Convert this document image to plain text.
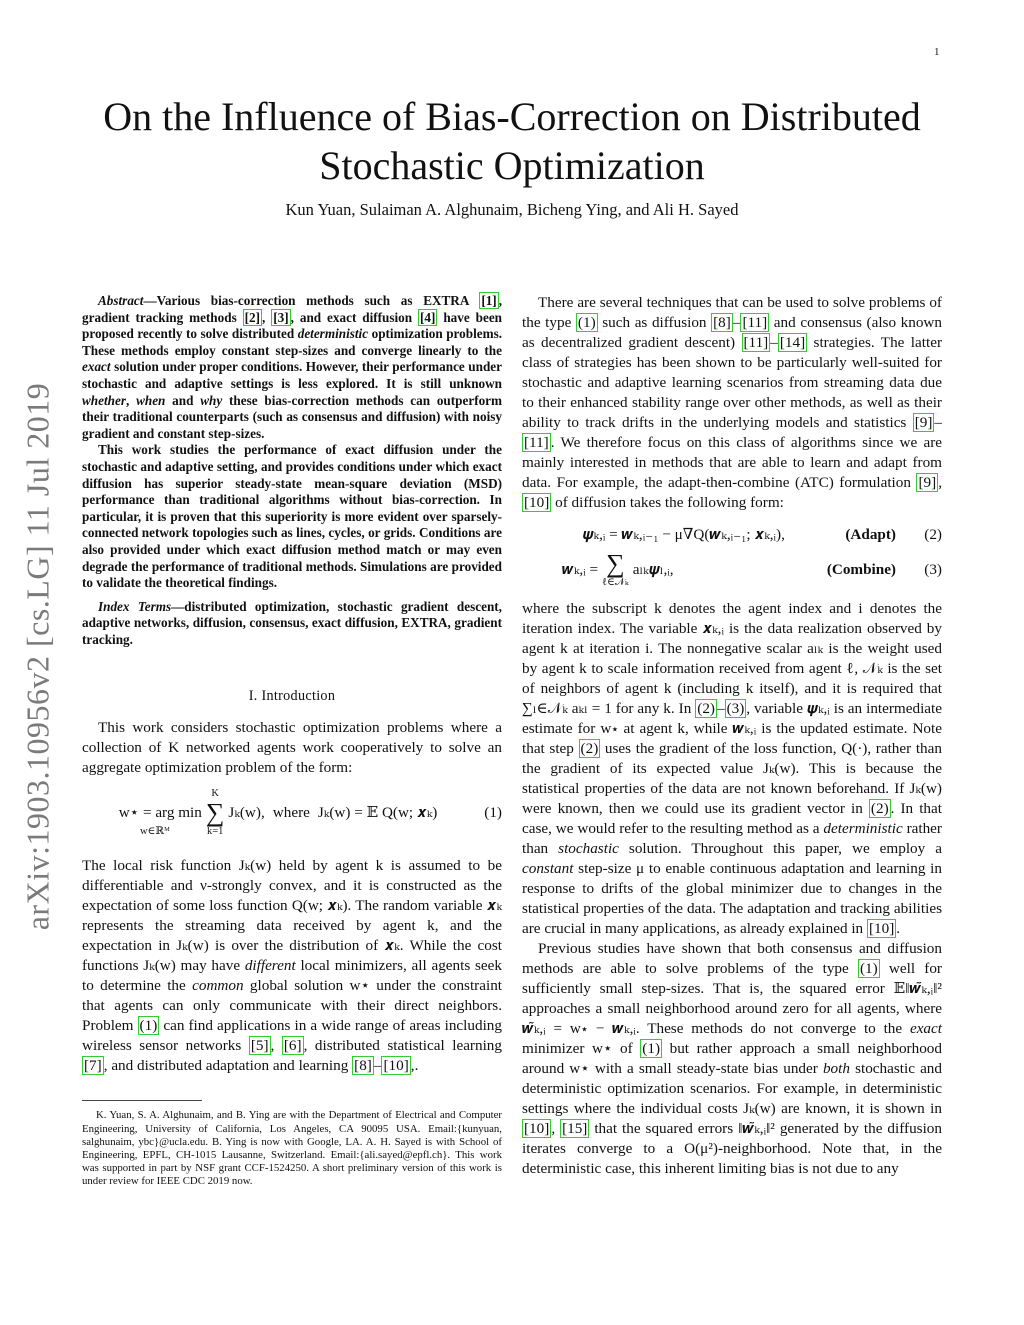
1
arXiv:1903.10956v2 [cs.LG] 11 Jul 2019
On the Influence of Bias-Correction on Distributed Stochastic Optimization
Kun Yuan, Sulaiman A. Alghunaim, Bicheng Ying, and Ali H. Sayed

Abstract—Various bias-correction methods such as EXTRA [1] , gradient tracking methods [2] , [3] , and exact diffusion [4] have been proposed recently to solve distributed deterministic optimization problems. These methods employ constant step-sizes and converge linearly to the exact solution under proper conditions. However, their performance under stochastic and adaptive settings is less explored. It is still unknown whether, when and why these bias-correction methods can outperform their traditional counterparts (such as consensus and diffusion) with noisy gradient and constant step-sizes.

This work studies the performance of exact diffusion under the stochastic and adaptive setting, and provides conditions under which exact diffusion has superior steady-state mean-square deviation (MSD) performance than traditional algorithms without bias-correction. In particular, it is proven that this superiority is more evident over sparsely-connected network topologies such as lines, cycles, or grids. Conditions are also provided under which exact diffusion method match or may even degrade the performance of traditional methods. Simulations are provided to validate the theoretical findings.

Index Terms—distributed optimization, stochastic gradient descent, adaptive networks, diffusion, consensus, exact diffusion, EXTRA, gradient tracking.

I. Introduction

This work considers stochastic optimization problems where a collection of K networked agents work cooperatively to solve an aggregate optimization problem of the form:

w⋆ = arg min
K
∑
k=1
Jₖ(w), where Jₖ(w) = 𝔼 Q(w; 𝒙ₖ)	(1)
w∈ℝᴹ

The local risk function Jₖ(w) held by agent k is assumed to be differentiable and ν-strongly convex, and it is constructed as the expectation of some loss function Q(w; 𝒙ₖ). The random variable 𝒙ₖ represents the streaming data received by agent k, and the expectation in Jₖ(w) is over the distribution of 𝒙ₖ. While the cost functions Jₖ(w) may have different local minimizers, all agents seek to determine the common global solution w⋆ under the constraint that agents can only communicate with their direct neighbors. Problem (1) can find applications in a wide range of areas including wireless sensor networks [5] , [6] , distributed statistical learning [7] , and distributed adaptation and learning [8] – [10] ,.

K. Yuan, S. A. Alghunaim, and B. Ying are with the Department of Electrical and Computer Engineering, University of California, Los Angeles, CA 90095 USA. Email:{kunyuan, salghunaim, ybc}@ucla.edu. B. Ying is now with Google, LA. A. H. Sayed is with School of Engineering, EPFL, CH-1015 Lausanne, Switzerland. Email:{ali.sayed@epfl.ch}. This work was supported in part by NSF grant CCF-1524250. A short preliminary version of this work is under review for IEEE CDC 2019 now.

There are several techniques that can be used to solve problems of the type (1) such as diffusion [8] – [11] and consensus (also known as decentralized gradient descent) [11] – [14] strategies. The latter class of strategies has been shown to be particularly well-suited for stochastic and adaptive learning scenarios from streaming data due to their enhanced stability range over other methods, as well as their ability to track drifts in the underlying models and statistics [9] –[11] . We therefore focus on this class of algorithms since we are mainly interested in methods that are able to learn and adapt from data. For example, the adapt-then-combine (ATC) formulation [9] , [10] of diffusion takes the following form:

𝝍ₖ,ᵢ = 𝒘ₖ,ᵢ₋₁ − μ∇Q(𝒘ₖ,ᵢ₋₁; 𝒙ₖ,ᵢ),	(Adapt)	(2)
𝒘ₖ,ᵢ = ∑
ℓ∈𝒩ₖ
aₗₖ𝝍ₗ,ᵢ,	(Combine)	(3)

where the subscript k denotes the agent index and i denotes the iteration index. The variable 𝒙ₖ,ᵢ is the data realization observed by agent k at iteration i. The nonnegative scalar aₗₖ is the weight used by agent k to scale information received from agent ℓ, 𝒩ₖ is the set of neighbors of agent k (including k itself), and it is required that ∑ₗ∈𝒩ₖ aₖₗ = 1 for any k. In (2) – (3) , variable 𝝍ₖ,ᵢ is an intermediate estimate for w⋆ at agent k, while 𝒘ₖ,ᵢ is the updated estimate. Note that step (2) uses the gradient of the loss function, Q(·), rather than the gradient of its expected value Jₖ(w). This is because the statistical properties of the data are not known beforehand. If Jₖ(w) were known, then we could use its gradient vector in (2) . In that case, we would refer to the resulting method as a deterministic rather than stochastic solution. Throughout this paper, we employ a constant step-size μ to enable continuous adaptation and learning in response to drifts of the global minimizer due to changes in the statistical properties of the data. The adaptation and tracking abilities are crucial in many applications, as already explained in [10] .

Previous studies have shown that both consensus and diffusion methods are able to solve problems of the type (1) well for sufficiently small step-sizes. That is, the squared error 𝔼‖𝒘̃ₖ,ᵢ‖² approaches a small neighborhood around zero for all agents, where 𝒘̃ₖ,ᵢ = w⋆ − 𝒘ₖ,ᵢ. These methods do not converge to the exact minimizer w⋆ of (1) but rather approach a small neighborhood around w⋆ with a small steady-state bias under both stochastic and deterministic optimization scenarios. For example, in deterministic settings where the individual costs Jₖ(w) are known, it is shown in [10] , [15] that the squared errors ‖𝒘̃ₖ,ᵢ‖² generated by the diffusion iterates converge to a O(μ²)-neighborhood. Note that, in the deterministic case, this inherent limiting bias is not due to any
